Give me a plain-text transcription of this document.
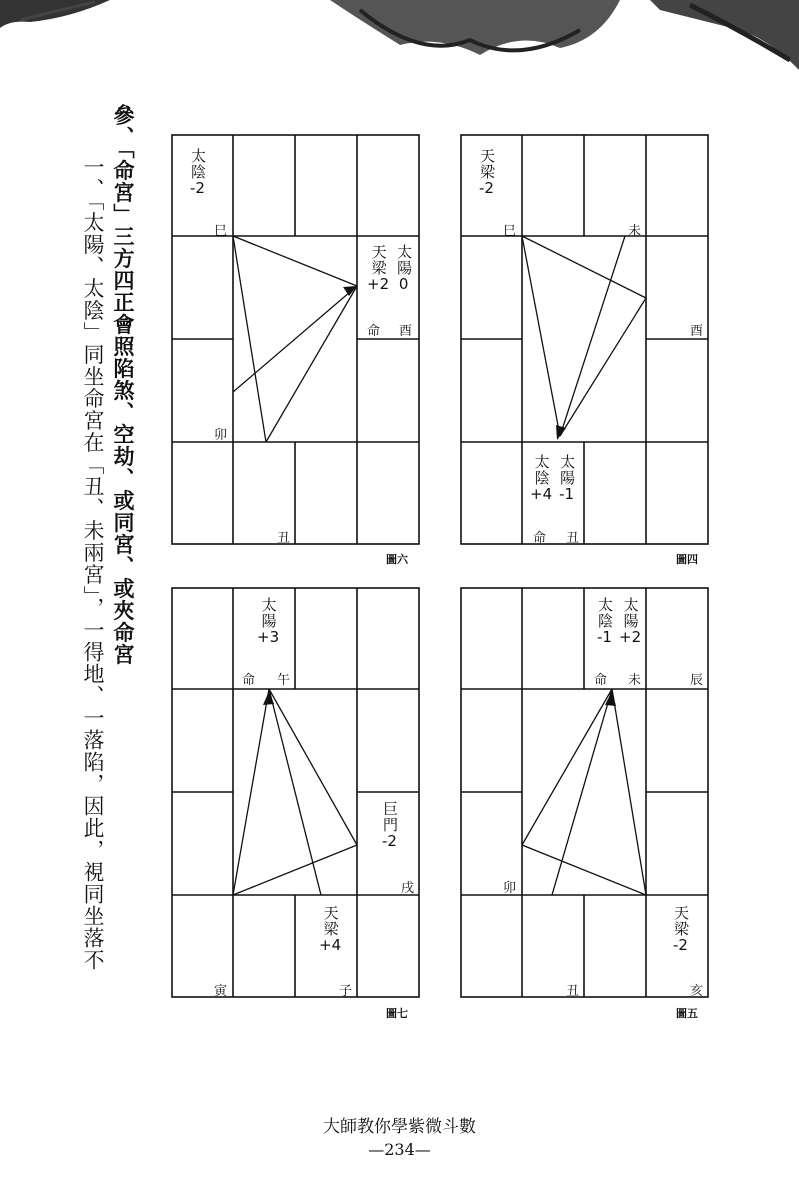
參、「命宮」三方四正會照陷煞、空劫、或同宮、或夾命宮
一、「太陽、太陰」同坐命宮在「丑、未兩宮」，一得地、一落陷，因此，視同坐落不	太陰
-2
巳
太陽
0
天梁
+2
命 酉
卯
丑
圖六
天梁
-2
巳	未
酉
太陽
-1
太陰
+4
命 丑
圖四
太陽
+3
命 午
巨門
-2
戌
天梁
+4
寅	子
圖七
太陽
+2
太陰
-1
命 未	辰
卯
天梁
-2
丑	亥
圖五
大師教你學紫微斗數
—234—
